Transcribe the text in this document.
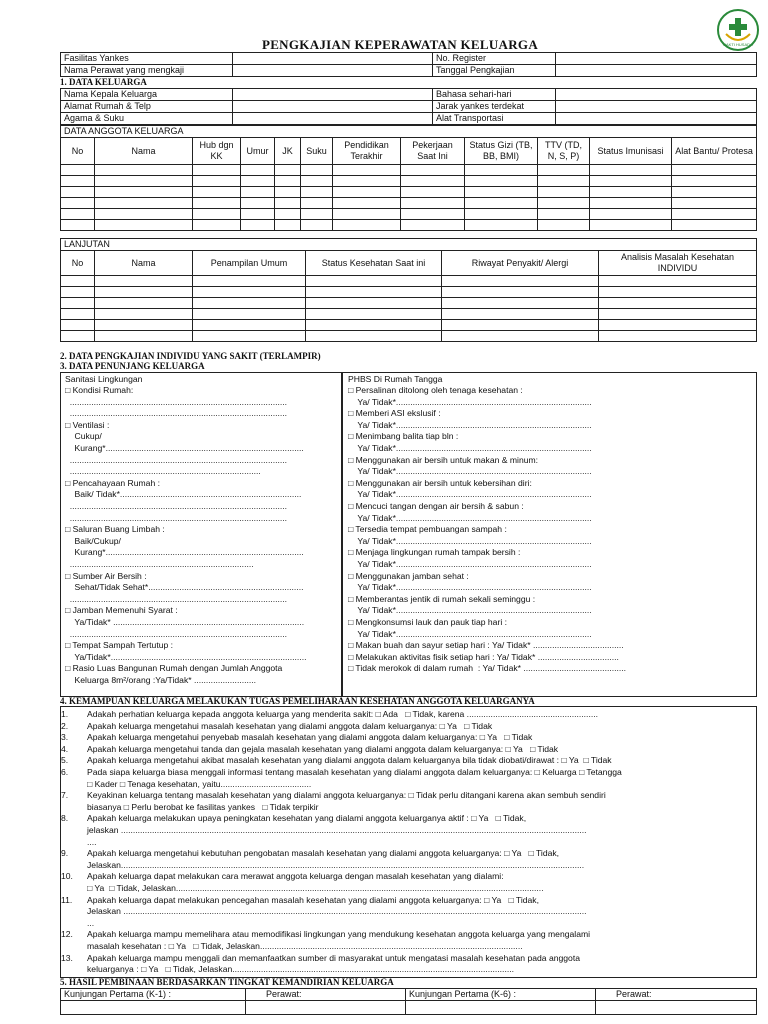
PENGKAJIAN KEPERAWATAN KELUARGA	BAKTI HUSADA
Fasilitas Yankes		No. Register	
Nama Perawat yang mengkaji		Tanggal Pengkajian	
1. DATA KELUARGA
Nama Kepala Keluarga		Bahasa sehari-hari	
Alamat Rumah & Telp		Jarak yankes terdekat	
Agama & Suku		Alat Transportasi	
DATA ANGGOTA KELUARGA											
No	Nama	Hub dgn KK	Umur	JK	Suku	Pendidikan Terakhir	Pekerjaan Saat Ini	Status Gizi (TB, BB, BMI)	TTV (TD, N, S, P)	Status Imunisasi	Alat Bantu/ Protesa

LANJUTAN					
No	Nama	Penampilan Umum	Status Kesehatan Saat ini	Riwayat Penyakit/ Alergi	Analisis Masalah Kesehatan INDIVIDU

2. DATA PENGKAJIAN INDIVIDU YANG SAKIT (TERLAMPIR)
3. DATA PENUNJANG KELUARGA
Sanitasi Lingkungan
□ Kondisi Rumah:
...........................................................................................
...........................................................................................
□ Ventilasi :
Cukup/
Kurang*...................................................................................
...........................................................................................
................................................................................
□ Pencahayaan Rumah :
Baik/ Tidak*............................................................................
...........................................................................................
...........................................................................................
□ Saluran Buang Limbah :
Baik/Cukup/
Kurang*...................................................................................
.............................................................................
□ Sumber Air Bersih :
Sehat/Tidak Sehat*.................................................................
...........................................................................................
□ Jamban Memenuhi Syarat :
Ya/Tidak* ................................................................................
...........................................................................................
□ Tempat Sampah Tertutup :
Ya/Tidak*..................................................................................
□ Rasio Luas Bangunan Rumah dengan Jumlah Anggota
Keluarga 8m²/orang :Ya/Tidak* ..........................
PHBS Di Rumah Tangga
□ Persalinan ditolong oleh tenaga kesehatan :
Ya/ Tidak*..................................................................................
□ Memberi ASI ekslusif :
Ya/ Tidak*..................................................................................
□ Menimbang balita tiap bln :
Ya/ Tidak*..................................................................................
□ Menggunakan air bersih untuk makan & minum:
Ya/ Tidak*..................................................................................
□ Menggunakan air bersih untuk kebersihan diri:
Ya/ Tidak*..................................................................................
□ Mencuci tangan dengan air bersih & sabun :
Ya/ Tidak*..................................................................................
□ Tersedia tempat pembuangan sampah :
Ya/ Tidak*..................................................................................
□ Menjaga lingkungan rumah tampak bersih :
Ya/ Tidak*..................................................................................
□ Menggunakan jamban sehat :
Ya/ Tidak*..................................................................................
□ Memberantas jentik di rumah sekali seminggu :
Ya/ Tidak*..................................................................................
□ Mengkonsumsi lauk dan pauk tiap hari :
Ya/ Tidak*..................................................................................
□ Makan buah dan sayur setiap hari : Ya/ Tidak* ......................................
□ Melakukan aktivitas fisik setiap hari : Ya/ Tidak* ..................................
□ Tidak merokok di dalam rumah  : Ya/ Tidak* ...........................................
4. KEMAMPUAN KELUARGA MELAKUKAN TUGAS PEMELIHARAAN KESEHATAN ANGGOTA KELUARGANYA
1. Adakah perhatian keluarga kepada anggota keluarga yang menderita sakit: □ Ada   □ Tidak, karena .......................................................
2. Apakah keluarga mengetahui masalah kesehatan yang dialami anggota dalam keluarganya: □ Ya   □ Tidak
3. Apakah keluarga mengetahui penyebab masalah kesehatan yang dialami anggota dalam keluarganya: □ Ya   □ Tidak
4. Apakah keluarga mengetahui tanda dan gejala masalah kesehatan yang dialami anggota dalam keluarganya: □ Ya   □ Tidak
5. Apakah keluarga mengetahui akibat masalah kesehatan yang dialami anggota dalam keluarganya bila tidak diobati/dirawat : □ Ya  □ Tidak
6. Pada siapa keluarga biasa menggali informasi tentang masalah kesehatan yang dialami anggota dalam keluarganya: □ Keluarga □ Tetangga
□ Kader □ Tenaga kesehatan, yaitu......................................
7. Keyakinan keluarga tentang masalah kesehatan yang dialami anggota keluarganya: □ Tidak perlu ditangani karena akan sembuh sendiri
biasanya □ Perlu berobat ke fasilitas yankes   □ Tidak terpikir
8. Apakah keluarga melakukan upaya peningkatan kesehatan yang dialami anggota keluarganya aktif : □ Ya   □ Tidak,
jelaskan ...................................................................................................................................................................................................
....
9. Apakah keluarga mengetahui kebutuhan pengobatan masalah kesehatan yang dialami anggota keluarganya: □ Ya   □ Tidak,
Jelaskan..................................................................................................................................................................................................
10. Apakah keluarga dapat melakukan cara merawat anggota keluarga dengan masalah kesehatan yang dialami:
□ Ya  □ Tidak, Jelaskan..........................................................................................................................................................
11. Apakah keluarga dapat melakukan pencegahan masalah kesehatan yang dialami anggota keluarganya: □ Ya   □ Tidak,
Jelaskan ..................................................................................................................................................................................................
...
12. Apakah keluarga mampu memelihara atau memodifikasi lingkungan yang mendukung kesehatan anggota keluarga yang mengalami
masalah kesehatan : □ Ya   □ Tidak, Jelaskan..............................................................................................................
13. Apakah keluarga mampu menggali dan memanfaatkan sumber di masyarakat untuk mengatasi masalah kesehatan pada anggota
keluarganya : □ Ya   □ Tidak, Jelaskan......................................................................................................................
5. HASIL PEMBINAAN BERDASARKAN TINGKAT KEMANDIRIAN KELUARGA
Kunjungan Pertama (K-1) :	Perawat:	Kunjungan Pertama (K-6) :	Perawat:
